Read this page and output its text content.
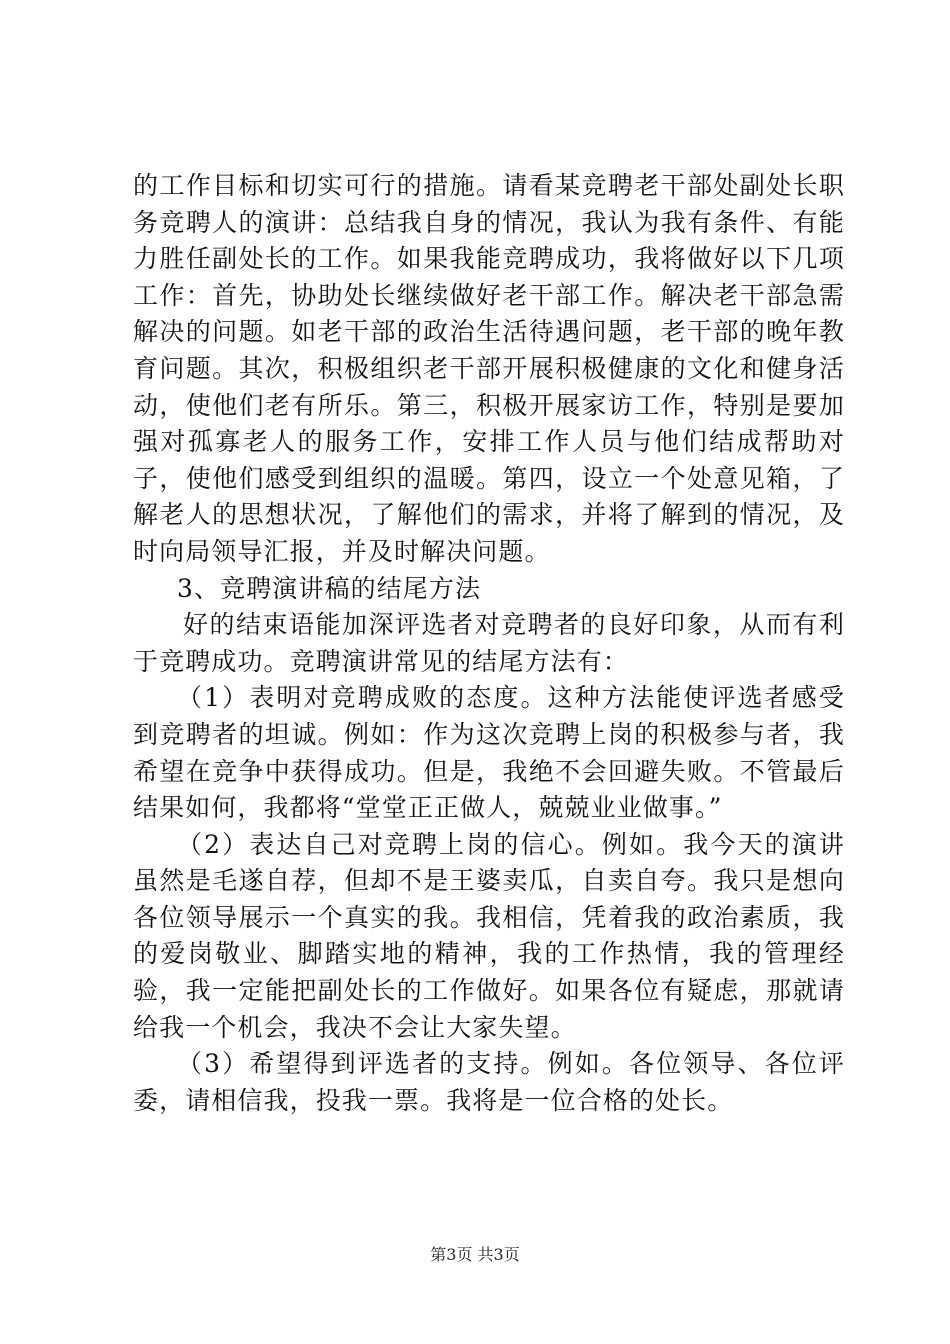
的工作目标和切实可行的措施。请看某竞聘老干部处副处长职务竞聘人的演讲：总结我自身的情况，我认为我有条件、有能力胜任副处长的工作。如果我能竞聘成功，我将做好以下几项工作：首先，协助处长继续做好老干部工作。解决老干部急需解决的问题。如老干部的政治生活待遇问题，老干部的晚年教育问题。其次，积极组织老干部开展积极健康的文化和健身活动，使他们老有所乐。第三，积极开展家访工作，特别是要加强对孤寡老人的服务工作，安排工作人员与他们结成帮助对子，使他们感受到组织的温暖。第四，设立一个处意见箱，了解老人的思想状况，了解他们的需求，并将了解到的情况，及时向局领导汇报，并及时解决问题。

3、竞聘演讲稿的结尾方法

好的结束语能加深评选者对竞聘者的良好印象，从而有利于竞聘成功。竞聘演讲常见的结尾方法有：

（1）表明对竞聘成败的态度。这种方法能使评选者感受到竞聘者的坦诚。例如：作为这次竞聘上岗的积极参与者，我希望在竞争中获得成功。但是，我绝不会回避失败。不管最后结果如何，我都将“堂堂正正做人，兢兢业业做事。”

（2）表达自己对竞聘上岗的信心。例如。我今天的演讲虽然是毛遂自荐，但却不是王婆卖瓜，自卖自夸。我只是想向各位领导展示一个真实的我。我相信，凭着我的政治素质，我的爱岗敬业、脚踏实地的精神，我的工作热情，我的管理经验，我一定能把副处长的工作做好。如果各位有疑虑，那就请给我一个机会，我决不会让大家失望。

（3）希望得到评选者的支持。例如。各位领导、各位评委，请相信我，投我一票。我将是一位合格的处长。

第3页 共3页
